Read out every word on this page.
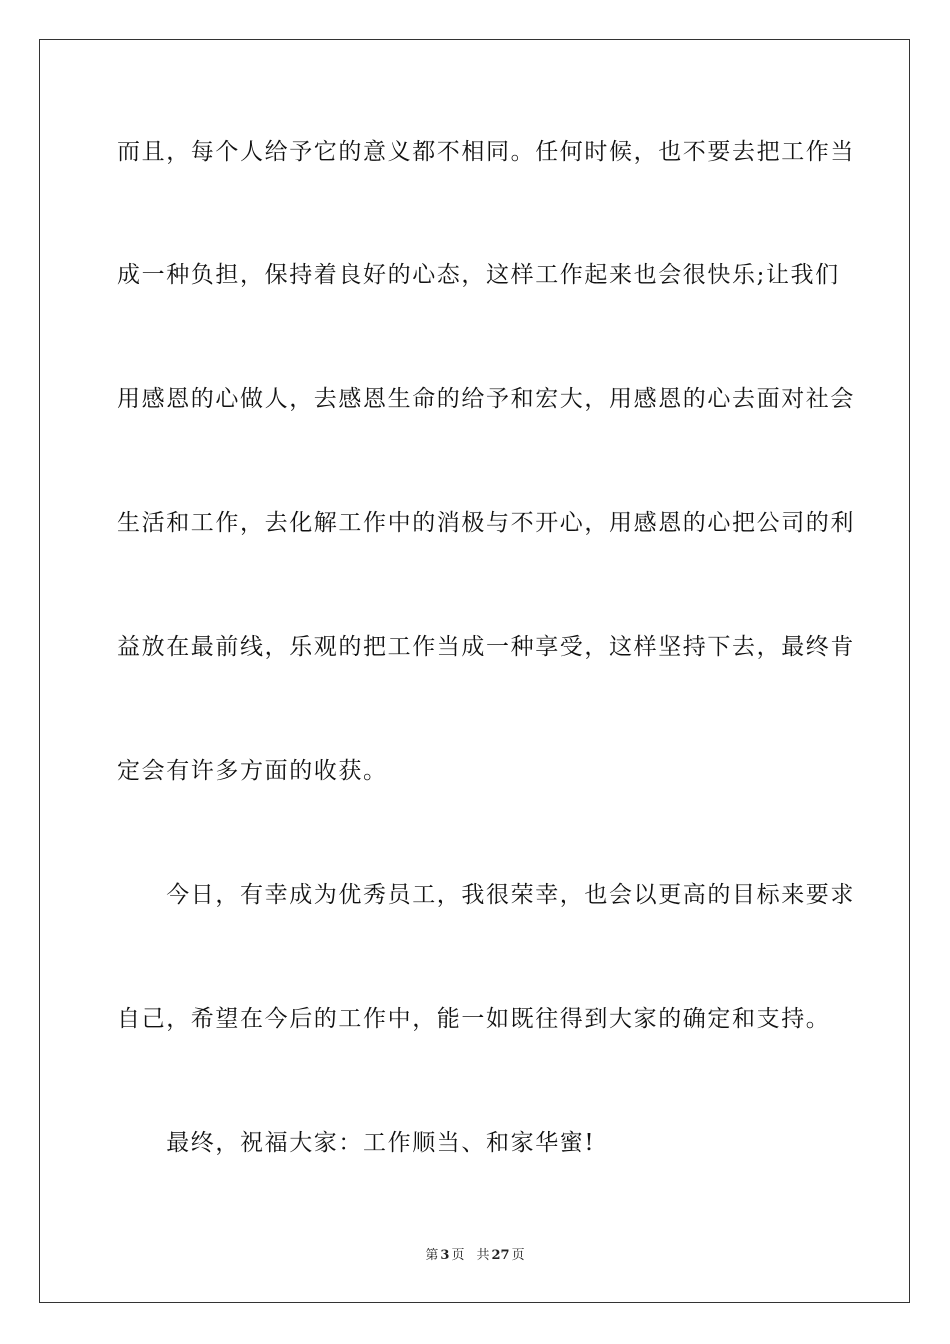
而且，每个人给予它的意义都不相同。任何时候，也不要去把工作当
成一种负担，保持着良好的心态，这样工作起来也会很快乐;让我们
用感恩的心做人，去感恩生命的给予和宏大，用感恩的心去面对社会
生活和工作，去化解工作中的消极与不开心，用感恩的心把公司的利
益放在最前线，乐观的把工作当成一种享受，这样坚持下去，最终肯
定会有许多方面的收获。
　　今日，有幸成为优秀员工，我很荣幸，也会以更高的目标来要求
自己，希望在今后的工作中，能一如既往得到大家的确定和支持。
　　最终，祝福大家：工作顺当、和家华蜜!
第 3 页 共 27 页
